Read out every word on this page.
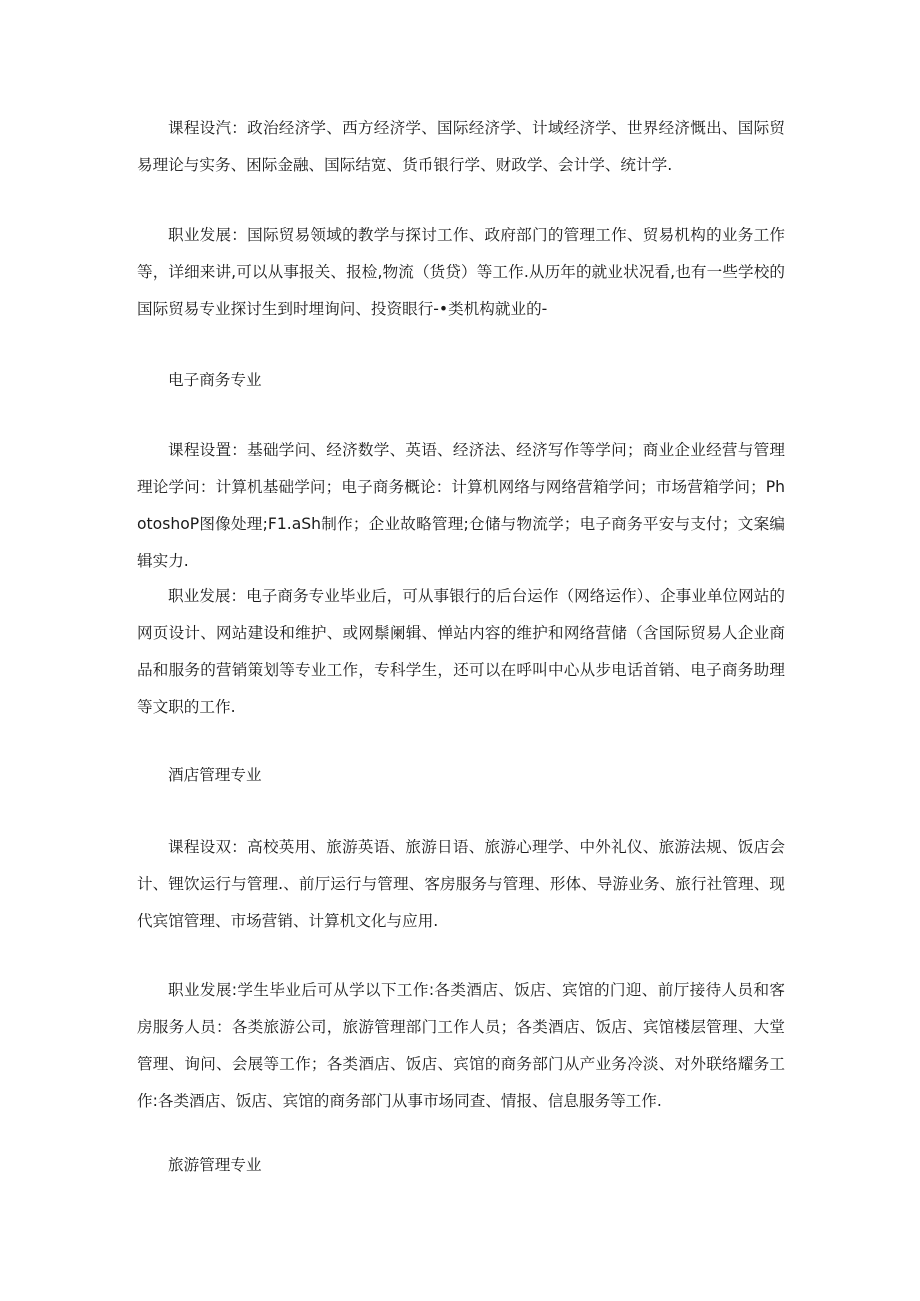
课程设汽：政治经济学、西方经济学、国际经济学、计域经济学、世界经济慨出、国际贸易理论与实务、困际金融、国际结宽、货币银行学、财政学、会计学、统计学.

职业发展：国际贸易领域的教学与探讨工作、政府部门的管理工作、贸易机构的业务工作等，详细来讲,可以从事报关、报检,物流（货贷）等工作.从历年的就业状况看,也有一些学校的国际贸易专业探讨生到时埋询问、投资眼行-•类机构就业的-

电子商务专业

课程设置：基础学问、经济数学、英语、经济法、经济写作等学问；商业企业经营与管理理论学问：计算机基础学问；电子商务概论：计算机网络与网络营箱学问；市场营箱学问；PhotoshoP图像处理;F1.aSh制作；企业故略管理;仓储与物流学；电子商务平安与支付；文案编辑实力.

职业发展：电子商务专业毕业后，可从事银行的后台运作（网络运作）、企事业单位网站的网页设计、网站建设和维护、或网鬃阑辑、惮站内容的维护和网络营储（含国际贸易人企业商品和服务的营销策划等专业工作，专科学生，还可以在呼叫中心从步电话首销、电子商务助理等文职的工作.

酒店管理专业

课程设双：高校英用、旅游英语、旅游日语、旅游心理学、中外礼仪、旅游法规、饭店会计、锂饮运行与管理.、前厅运行与管理、客房服务与管理、形体、导游业务、旅行社管理、现代宾馆管理、市场营销、计算机文化与应用.

职业发展:学生毕业后可从学以下工作:各类酒店、饭店、宾馆的门迎、前厅接待人员和客房服务人员：各类旅游公司，旅游管理部门工作人员；各类酒店、饭店、宾馆楼层管理、大堂管理、询问、会展等工作；各类酒店、饭店、宾馆的商务部门从产业务冷淡、对外联络耀务工作:各类酒店、饭店、宾馆的商务部门从事市场同查、情报、信息服务等工作.

旅游管理专业
